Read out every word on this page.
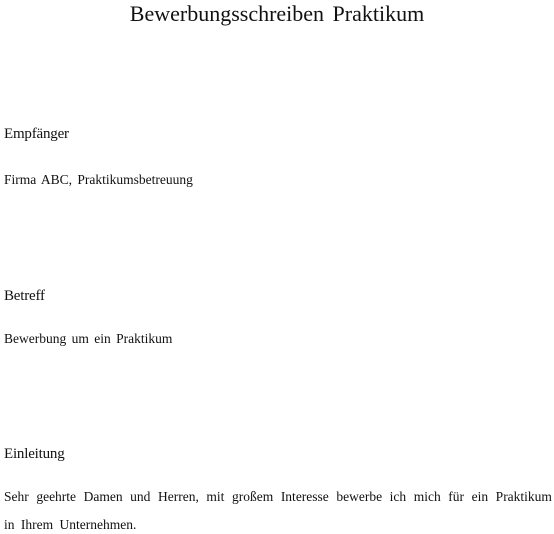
Bewerbungsschreiben Praktikum
Empfänger

Firma ABC, Praktikumsbetreuung

Betreff

Bewerbung um ein Praktikum

Einleitung

Sehr geehrte Damen und Herren, mit großem Interesse bewerbe ich mich für ein Praktikum

in Ihrem Unternehmen.
